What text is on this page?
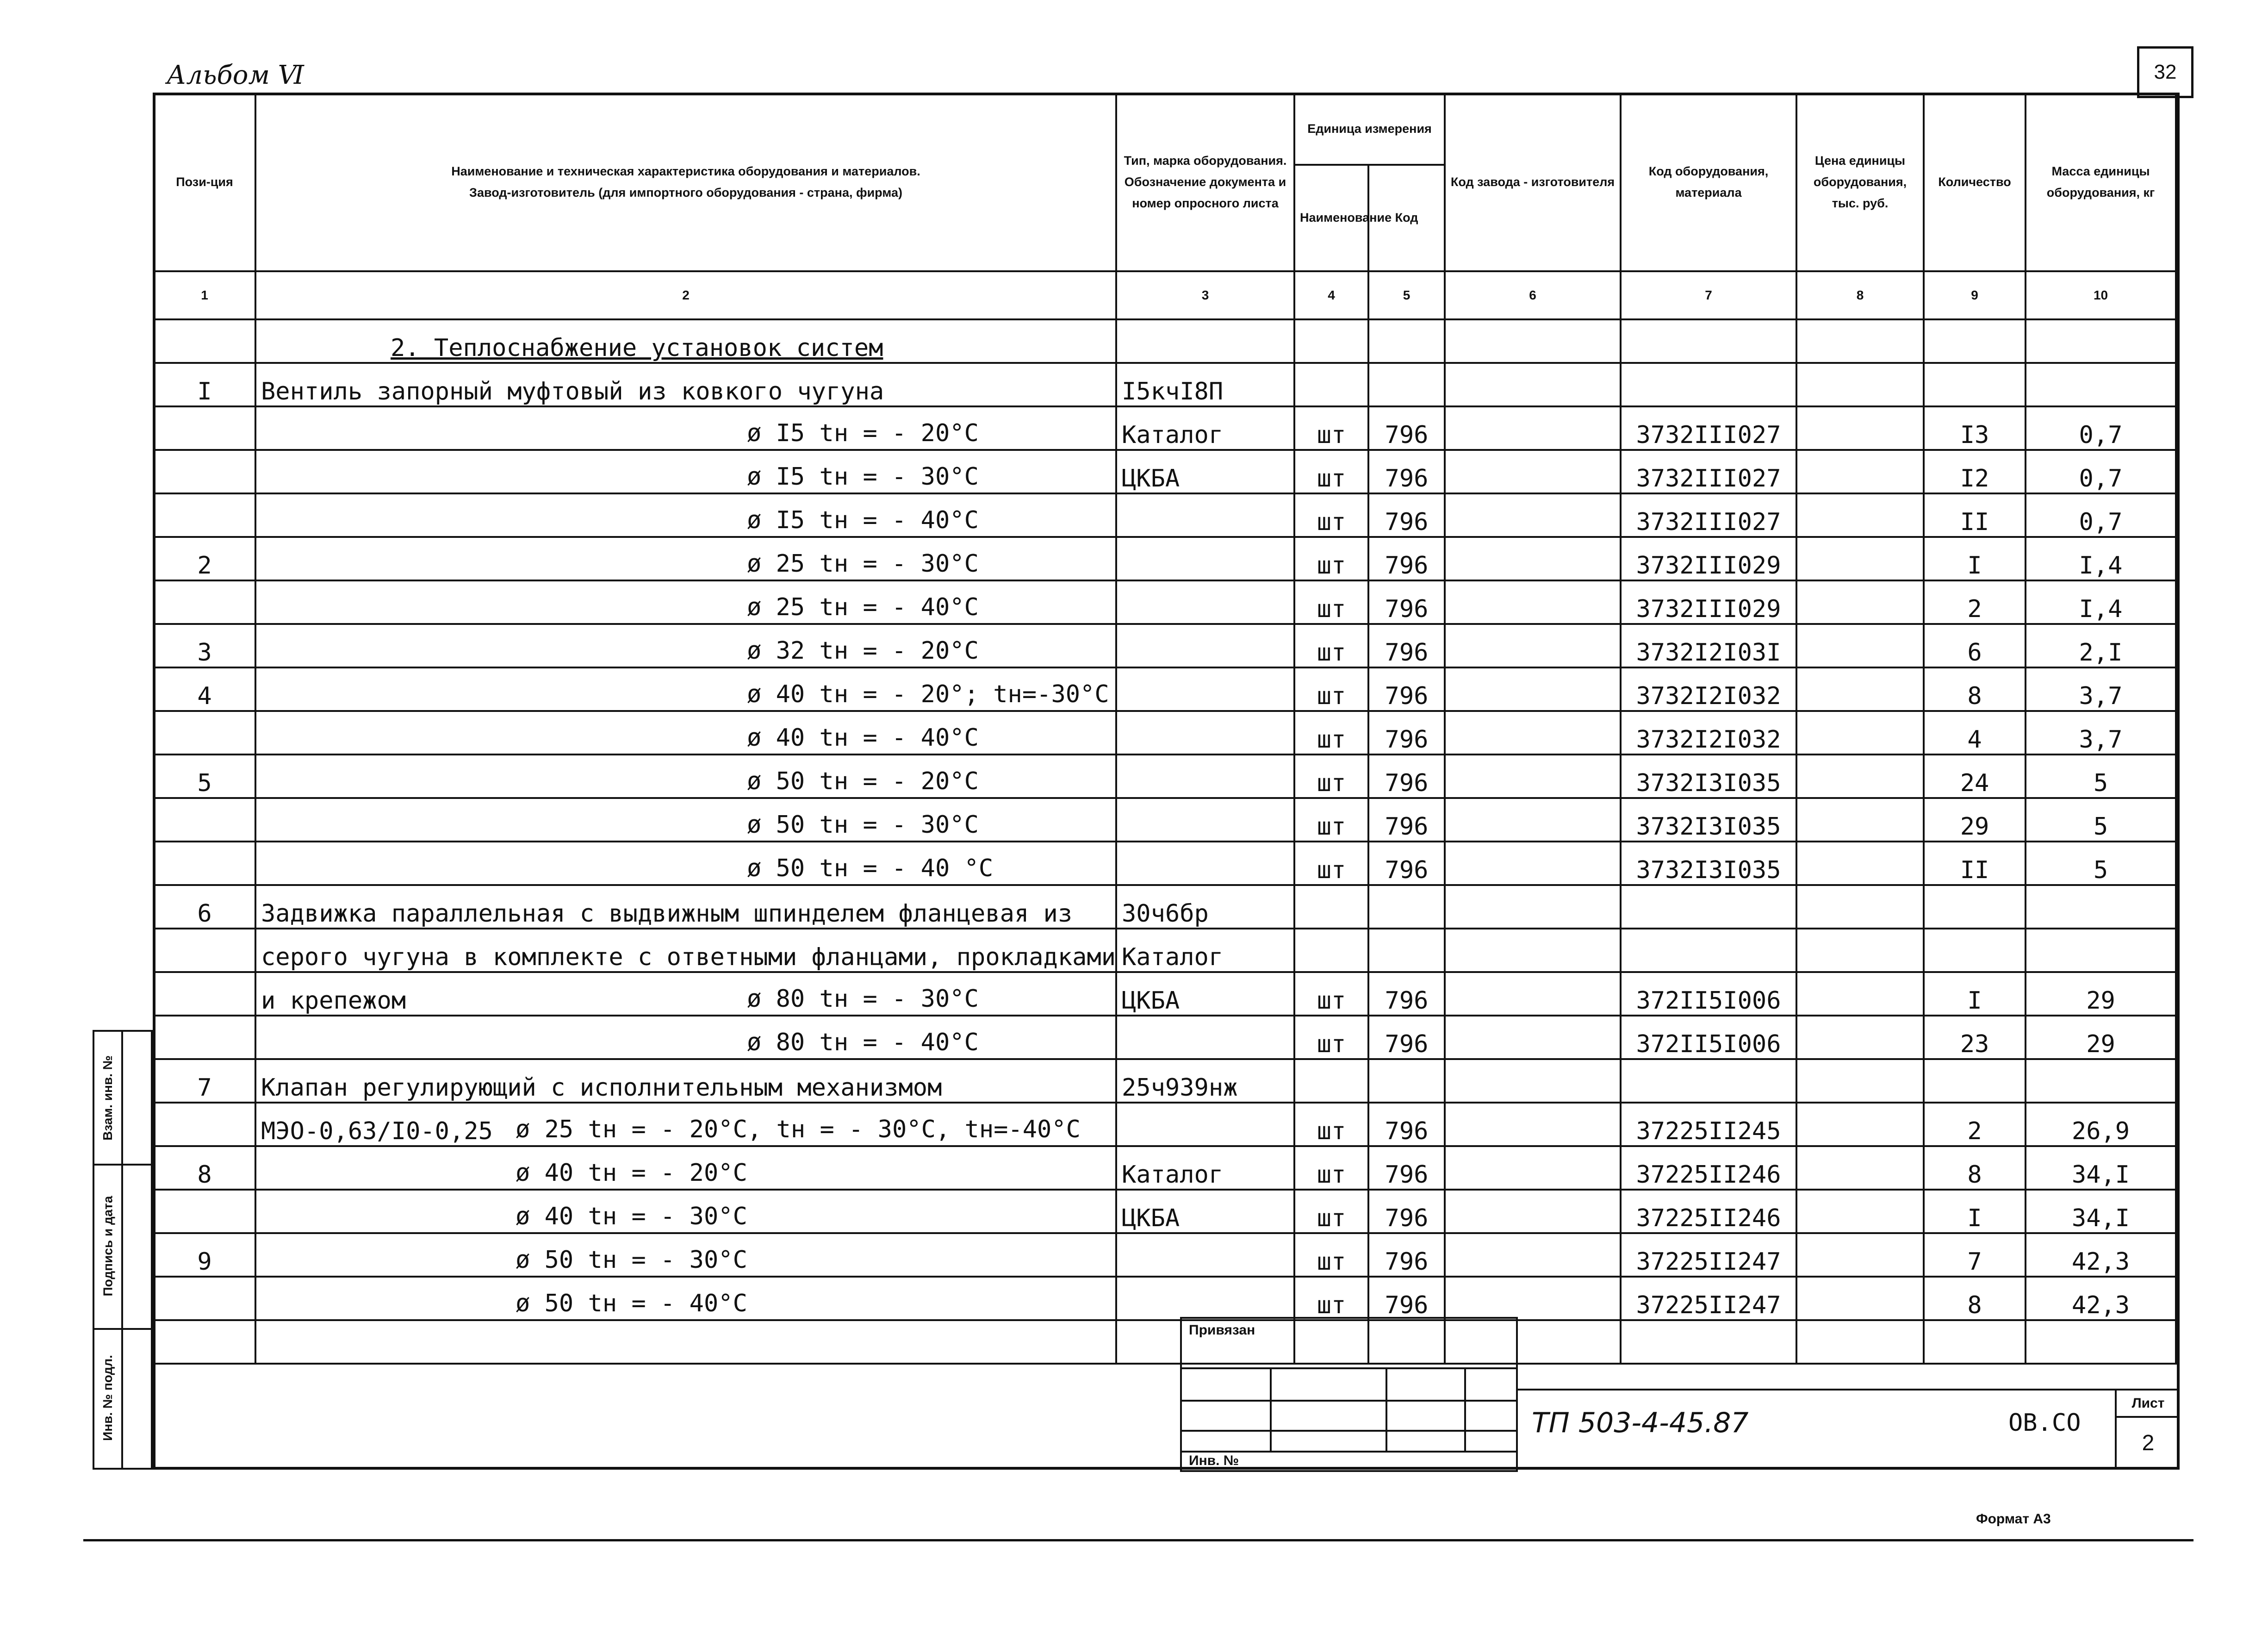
Альбом Ⅵ	32
Пози-ция	Наименование и техническая характеристика оборудования и материалов.
Завод-изготовитель (для импортного оборудования - страна, фирма)	Тип, марка оборудования. Обозначение документа и номер опросного листа	Единица измерения		Код завода - изготовителя	Код оборудования, материала	Цена единицы оборудования, тыс. руб.	Количество	Масса единицы оборудования, кг
			Наименование	Код					
1	2	3	4	5	6	7	8	9	10
	2. Теплоснабжение установок систем								
I	Вентиль запорный муфтовый из ковкого чугуна	I5кчI8П							

	ø I5 tн = - 20°C	Каталог	шт	796		3732III027		I3	0,7

	ø I5 tн = - 30°C	ЦКБА	шт	796		3732III027		I2	0,7

	ø I5 tн = - 40°C		шт	796		3732III027		II	0,7
2	ø 25 tн = - 30°C		шт	796		3732III029		I	I,4

	ø 25 tн = - 40°C		шт	796		3732III029		2	I,4
3	ø 32 tн = - 20°C		шт	796		3732I2I03I		6	2,I
4	ø 40 tн = - 20°; tн=-30°C		шт	796		3732I2I032		8	3,7

	ø 40 tн = - 40°C		шт	796		3732I2I032		4	3,7
5	ø 50 tн = - 20°C		шт	796		3732I3I035		24	5

	ø 50 tн = - 30°C		шт	796		3732I3I035		29	5

	ø 50 tн = - 40 °C		шт	796		3732I3I035		II	5
6	Задвижка параллельная с выдвижным шпинделем фланцевая из	30ч6бр							
	серого чугуна в комплекте с ответными фланцами, прокладками	Каталог							
	и крепежом ø 80 tн = - 30°C	ЦКБА	шт	796		372II5I006		I	29

	ø 80 tн = - 40°C		шт	796		372II5I006		23	29
7	Клапан регулирующий с исполнительным механизмом	25ч939нж							
	МЭО-0,63/I0-0,25 ø 25 tн = - 20°C, tн = - 30°C, tн=-40°C		шт	796		37225II245		2	26,9
8	ø 40 tн = - 20°C	Каталог	шт	796		37225II246		8	34,I

	ø 40 tн = - 30°C	ЦКБА	шт	796		37225II246		I	34,I
9	ø 50 tн = - 30°C		шт	796		37225II247		7	42,3

	ø 50 tн = - 40°C		шт	796		37225II247		8	42,3

Взам. инв. №
Подпись и дата
Инв. № подл.
Привязан
Инв. №
ТП 503-4-45.87	ОВ.СО
Лист
2
Формат А3
